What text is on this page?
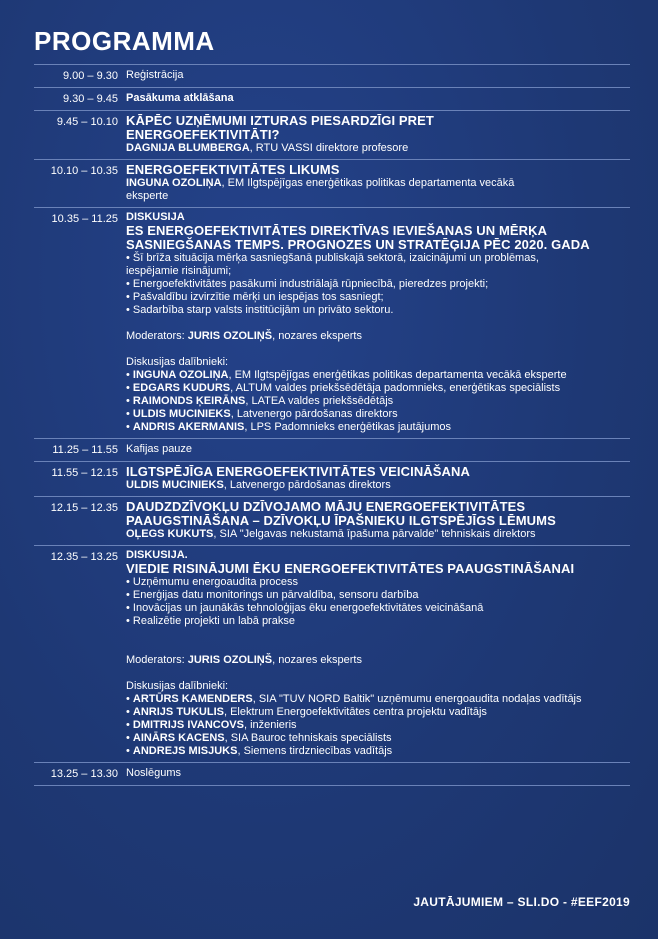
PROGRAMMA
9.00 – 9.30 Reģistrācija
9.30 – 9.45 Pasākuma atklāšana
9.45 – 10.10 KĀPĒC UZŅĒMUMI IZTURAS PIESARDZĪGI PRET
ENERGOEFEKTIVITĀTI?
DAGNIJA BLUMBERGA, RTU VASSI direktore profesore
10.10 – 10.35 ENERGOEFEKTIVITĀTES LIKUMS
INGUNA OZOLIŅA, EM Ilgtspējīgas enerģētikas politikas departamenta vecākā
eksperte
10.35 – 11.25 DISKUSIJA
ES ENERGOEFEKTIVITĀTES DIREKTĪVAS IEVIEŠANAS UN MĒRĶA
SASNIEGŠANAS TEMPS. PROGNOZES UN STRATĒĢIJA PĒC 2020. GADA
• Šī brīža situācija mērķa sasniegšanā publiskajā sektorā, izaicinājumi un problēmas,
iespējamie risinājumi;
• Energoefektivitātes pasākumi industriālajā rūpniecībā, pieredzes projekti;
• Pašvaldību izvirzītie mērķi un iespējas tos sasniegt;
• Sadarbība starp valsts institūcijām un privāto sektoru.
Moderators: JURIS OZOLIŅŠ, nozares eksperts
Diskusijas dalībnieki:
• INGUNA OZOLIŅA, EM Ilgtspējīgas enerģētikas politikas departamenta vecākā eksperte
• EDGARS KUDURS, ALTUM valdes priekšsēdētāja padomnieks, enerģētikas speciālists
• RAIMONDS ĶEIRĀNS, LATEA valdes priekšsēdētājs
• ULDIS MUCINIEKS, Latvenergo pārdošanas direktors
• ANDRIS AKERMANIS, LPS Padomnieks enerģētikas jautājumos
11.25 – 11.55 Kafijas pauze
11.55 – 12.15 ILGTSPĒJĪGA ENERGOEFEKTIVITĀTES VEICINĀŠANA
ULDIS MUCINIEKS, Latvenergo pārdošanas direktors
12.15 – 12.35 DAUDZDZĪVOKĻU DZĪVOJAMO MĀJU ENERGOEFEKTIVITĀTES
PAAUGSTINĀŠANA – DZĪVOKĻU ĪPAŠNIEKU ILGTSPĒJĪGS LĒMUMS
OĻEGS KUKUTS, SIA "Jelgavas nekustamā īpašuma pārvalde" tehniskais direktors
12.35 – 13.25 DISKUSIJA.
VIEDIE RISINĀJUMI ĒKU ENERGOEFEKTIVITĀTES PAAUGSTINĀŠANAI
• Uzņēmumu energoaudita process
• Enerģijas datu monitorings un pārvaldība, sensoru darbība
• Inovācijas un jaunākās tehnoloģijas ēku energoefektivitātes veicināšanā
• Realizētie projekti un labā prakse
Moderators: JURIS OZOLIŅŠ, nozares eksperts
Diskusijas dalībnieki:
• ARTŪRS KAMENDERS, SIA "TUV NORD Baltik" uzņēmumu energoaudita nodaļas vadītājs
• ANRIJS TUKULIS, Elektrum Energoefektivitātes centra projektu vadītājs
• DMITRIJS IVANCOVS, inženieris
• AINĀRS KACENS, SIA Bauroc tehniskais speciālists
• ANDREJS MISJUKS, Siemens tirdzniecības vadītājs
13.25 – 13.30 Noslēgums
JAUTĀJUMIEM – SLI.DO - #EEF2019
